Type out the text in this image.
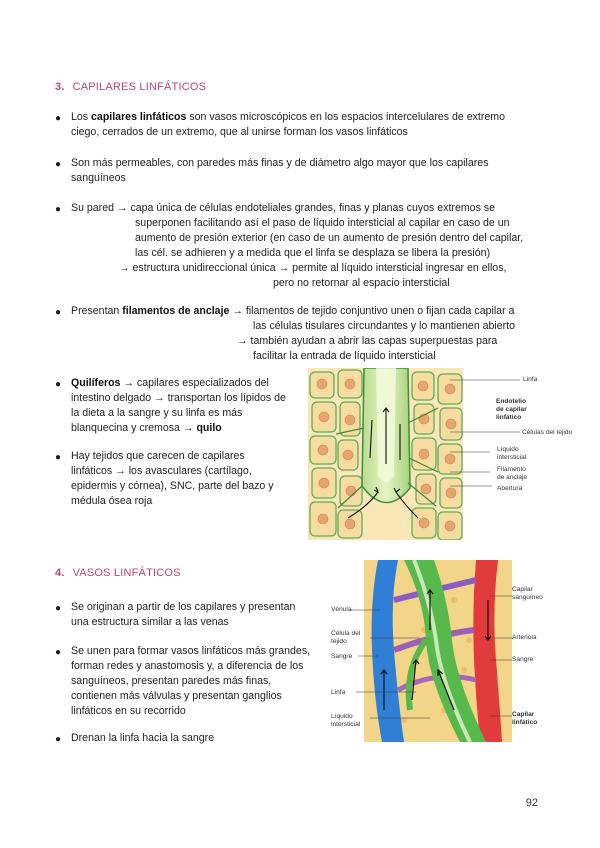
3. CAPILARES LINFÁTICOS
● Los capilares linfáticos son vasos microscópicos en los espacios intercelulares de extremo
ciego, cerrados de un extremo, que al unirse forman los vasos linfáticos
● Son más permeables, con paredes más finas y de diámetro algo mayor que los capilares
sanguíneos
● Su pared → capa única de células endoteliales grandes, finas y planas cuyos extremos se
superponen facilitando así el paso de líquido intersticial al capilar en caso de un
aumento de presión exterior (en caso de un aumento de presión dentro del capilar,
las cél. se adhieren y a medida que el linfa se desplaza se libera la presión)
→ estructura unidireccional única → permite al líquido intersticial ingresar en ellos,
pero no retornar al espacio intersticial
● Presentan filamentos de anclaje → filamentos de tejido conjuntivo unen o fijan cada capilar a
las células tisulares circundantes y lo mantienen abierto
→ también ayudan a abrir las capas superpuestas para
facilitar la entrada de líquido intersticial
● Quilíferos → capilares especializados del
intestino delgado → transportan los lípidos de
la dieta a la sangre y su linfa es más
blanquecina y cremosa → quilo
● Hay tejidos que carecen de capilares
linfáticos → los avasculares (cartílago,
epidermis y córnea), SNC, parte del bazo y
médula ósea roja
Linfa
Endotelio
de capilar
linfático
Células del tejido
Líquido
intersticial
Filamento
de anclaje
Abertura
4. VASOS LINFÁTICOS
● Se originan a partir de los capilares y presentan
una estructura similar a las venas
● Se unen para formar vasos linfáticos más grandes,
forman redes y anastomosis y, a diferencia de los
sanguíneos, presentan paredes más finas,
contienen más válvulas y presentan ganglios
linfáticos en su recorrido
● Drenan la linfa hacia la sangre
Capilar
sanguíneo
Vénula
Célula del
tejido
Arteriola
Sangre	Sangre
Linfa
Líquido
intersticial
Capilar
linfático
92
